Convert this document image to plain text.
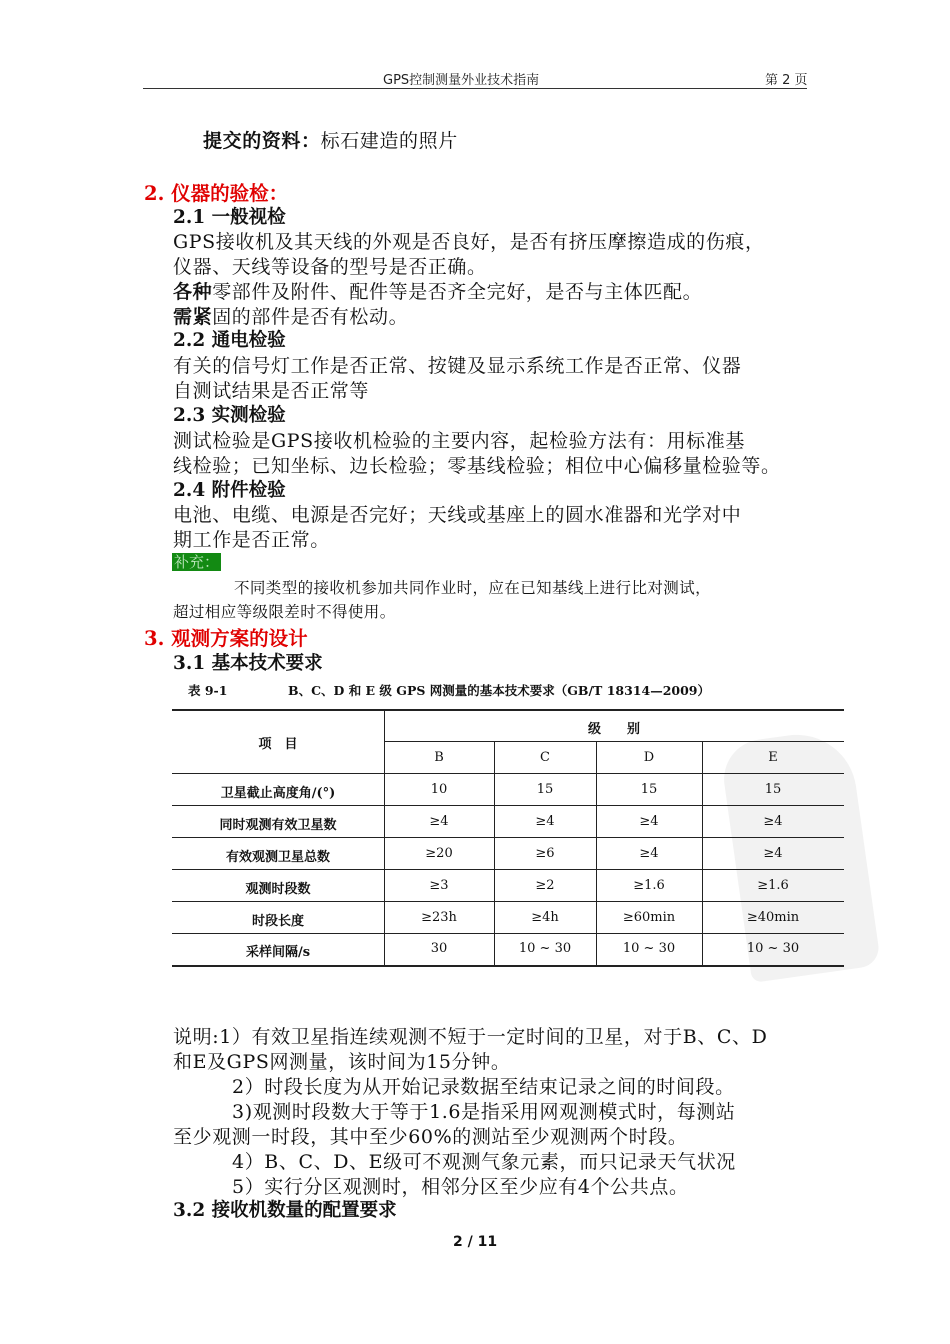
GPS控制测量外业技术指南	第 2 页
提交的资料：标石建造的照片
2. 仪器的验检：
2.1 一般视检
GPS接收机及其天线的外观是否良好，是否有挤压摩擦造成的伤痕，
仪器、天线等设备的型号是否正确。
各种零部件及附件、配件等是否齐全完好，是否与主体匹配。
需紧固的部件是否有松动。
2.2 通电检验
有关的信号灯工作是否正常、按键及显示系统工作是否正常、仪器
自测试结果是否正常等
2.3 实测检验
测试检验是GPS接收机检验的主要内容，起检验方法有：用标准基
线检验；已知坐标、边长检验；零基线检验；相位中心偏移量检验等。
2.4 附件检验
电池、电缆、电源是否完好；天线或基座上的圆水准器和光学对中
期工作是否正常。
补充：
不同类型的接收机参加共同作业时，应在已知基线上进行比对测试，
超过相应等级限差时不得使用。
3. 观测方案的设计
3.1 基本技术要求
表 9-1	B、C、D 和 E 级 GPS 网测量的基本技术要求（GB/T 18314—2009）
项　目
级　　别
B	C	D	E
卫星截止高度角/(°)	10	15	15	15
同时观测有效卫星数	≥4	≥4	≥4	≥4
有效观测卫星总数	≥20	≥6	≥4	≥4
观测时段数	≥3	≥2	≥1.6	≥1.6
时段长度	≥23h	≥4h	≥60min	≥40min
采样间隔/s	30	10 ~ 30	10 ~ 30	10 ~ 30
说明:1）有效卫星指连续观测不短于一定时间的卫星，对于B、C、D
和E及GPS网测量，该时间为15分钟。
2）时段长度为从开始记录数据至结束记录之间的时间段。
3)观测时段数大于等于1.6是指采用网观测模式时，每测站
至少观测一时段，其中至少60%的测站至少观测两个时段。
4）B、C、D、E级可不观测气象元素，而只记录天气状况
5）实行分区观测时，相邻分区至少应有4个公共点。
3.2 接收机数量的配置要求
2 / 11
